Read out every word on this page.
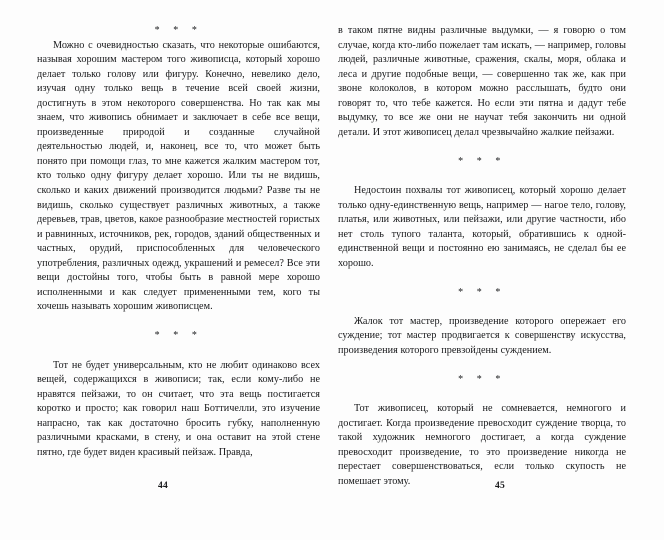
* * *

Можно с очевидностью сказать, что некоторые ошибаются, называя хорошим мастером того живописца, который хорошо делает только голову или фигуру. Конечно, невелико дело, изучая одну только вещь в течение всей своей жизни, достигнуть в этом некоторого совершенства. Но так как мы знаем, что живопись обнимает и заключает в себе все вещи, произведенные природой и созданные случайной деятельностью людей, и, наконец, все то, что может быть понято при помощи глаз, то мне кажется жалким мастером тот, кто только одну фигуру делает хорошо. Или ты не видишь, сколько и каких движений производится людьми? Разве ты не видишь, сколько существует различных животных, а также деревьев, трав, цветов, какое разнообразие местностей гористых и равнинных, источников, рек, городов, зданий общественных и частных, орудий, приспособленных для человеческого употребления, различных одежд, украшений и ремесел? Все эти вещи достойны того, чтобы быть в равной мере хорошо исполненными и как следует примененными тем, кого ты хочешь называть хорошим живописцем.

* * *

Тот не будет универсальным, кто не любит одинаково всех вещей, содержащихся в живописи; так, если кому-либо не нравятся пейзажи, то он считает, что эта вещь постигается коротко и просто; как говорил наш Боттичелли, это изучение напрасно, так как достаточно бросить губку, наполненную различными красками, в стену, и она оставит на этой стене пятно, где будет виден красивый пейзаж. Правда,

44

в таком пятне видны различные выдумки, — я говорю о том случае, когда кто-либо пожелает там искать, — например, головы людей, различные животные, сражения, скалы, моря, облака и леса и другие подобные вещи, — совершенно так же, как при звоне колоколов, в котором можно расслышать, будто они говорят то, что тебе кажется. Но если эти пятна и дадут тебе выдумку, то все же они не научат тебя закончить ни одной детали. И этот живописец делал чрезвычайно жалкие пейзажи.

* * *

Недостоин похвалы тот живописец, который хорошо делает только одну-единственную вещь, например — нагое тело, голову, платья, или животных, или пейзажи, или другие частности, ибо нет столь тупого таланта, который, обратившись к одной-единственной вещи и постоянно ею занимаясь, не сделал бы ее хорошо.

* * *

Жалок тот мастер, произведение которого опережает его суждение; тот мастер продвигается к совершенству искусства, произведения которого превзойдены суждением.

* * *

Тот живописец, который не сомневается, немногого и достигает. Когда произведение превосходит суждение творца, то такой художник немногого достигает, а когда суждение превосходит произведение, то это произведение никогда не перестает совершенствоваться, если только скупость не помешает этому.	45
